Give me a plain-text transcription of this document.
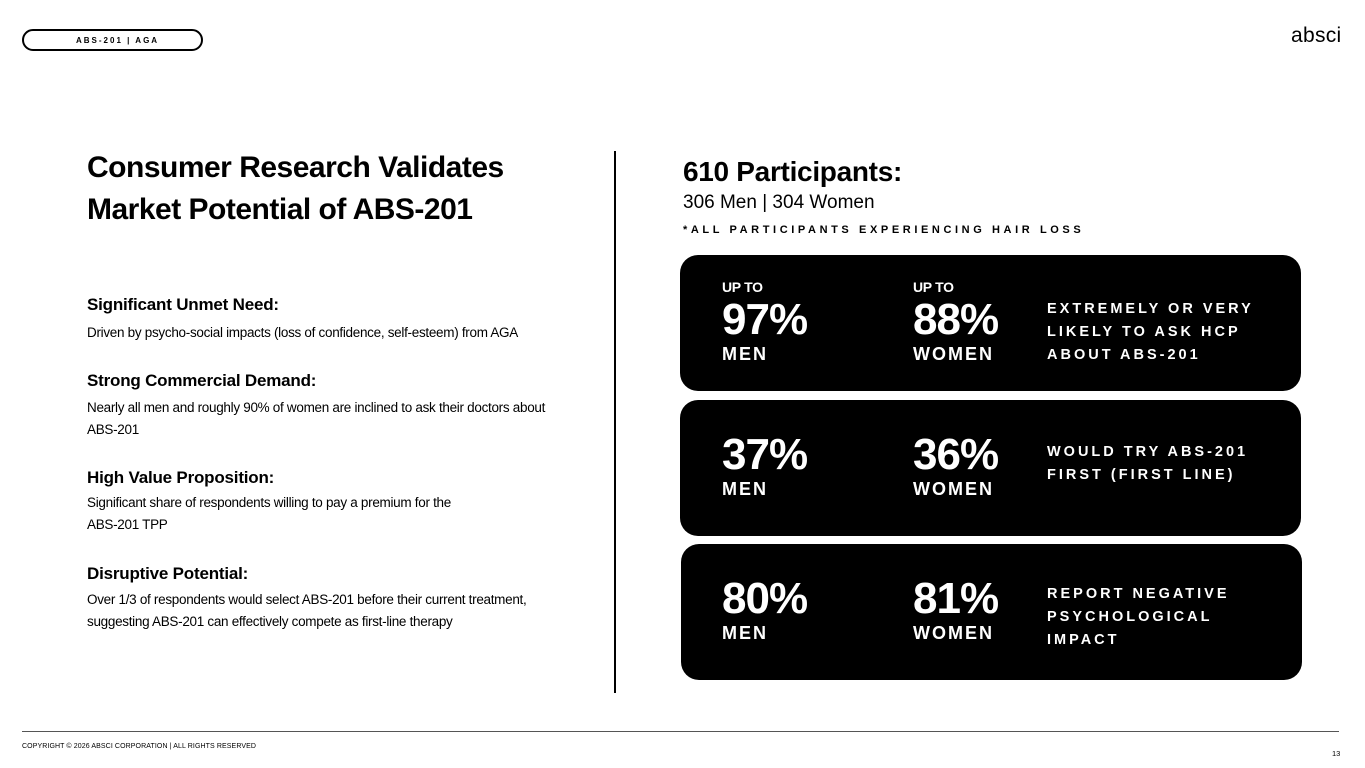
ABS-201 | AGA	absci
Consumer Research Validates Market Potential of ABS-201
Significant Unmet Need:
Driven by psycho-social impacts (loss of confidence, self-esteem) from AGA
Strong Commercial Demand:
Nearly all men and roughly 90% of women are inclined to ask their doctors about ABS-201
High Value Proposition:
Significant share of respondents willing to pay a premium for the ABS-201 TPP
Disruptive Potential:
Over 1/3 of respondents would select ABS-201 before their current treatment, suggesting ABS-201 can effectively compete as first-line therapy
610 Participants:
306 Men | 304 Women
*ALL PARTICIPANTS EXPERIENCING HAIR LOSS
UP TO
97%
MEN
UP TO
88%
WOMEN
EXTREMELY OR VERY LIKELY TO ASK HCP ABOUT ABS-201
37%
MEN
36%
WOMEN
WOULD TRY ABS-201 FIRST (FIRST LINE)
80%
MEN
81%
WOMEN
REPORT NEGATIVE PSYCHOLOGICAL IMPACT
COPYRIGHT © 2026 ABSCI CORPORATION | ALL RIGHTS RESERVED
13
